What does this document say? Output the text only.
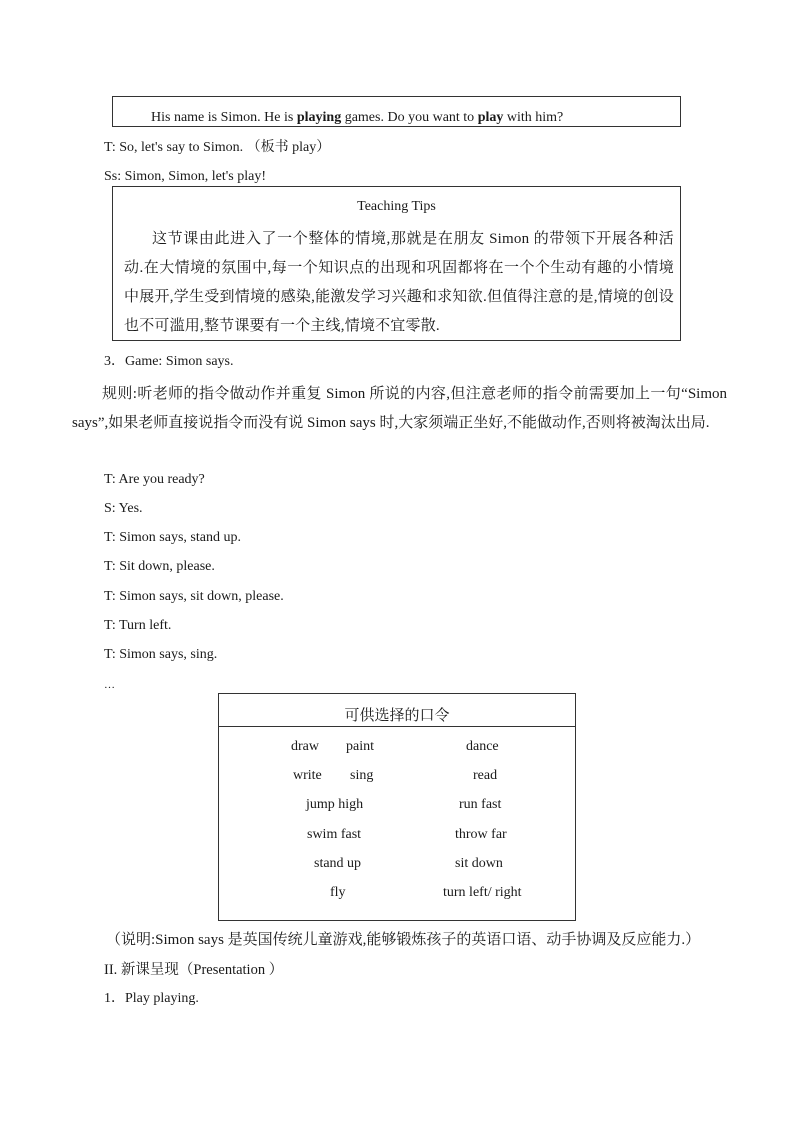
His name is Simon. He is playing games. Do you want to play with him?
T: So, let's say to Simon. （板书 play）
Ss: Simon, Simon, let's play!
Teaching Tips
这节课由此进入了一个整体的情境,那就是在朋友 Simon 的带领下开展各种活动.在大情境的氛围中,每一个知识点的出现和巩固都将在一个个生动有趣的小情境中展开,学生受到情境的感染,能激发学习兴趣和求知欲.但值得注意的是,情境的创设也不可滥用,整节课要有一个主线,情境不宜零散.
3．Game: Simon says.
规则:听老师的指令做动作并重复 Simon 所说的内容,但注意老师的指令前需要加上一句“Simon says”,如果老师直接说指令而没有说 Simon says 时,大家须端正坐好,不能做动作,否则将被淘汰出局.
T: Are you ready?
S: Yes.
T: Simon says, stand up.
T: Sit down, please.
T: Simon says, sit down, please.
T: Turn left.
T: Simon says, sing.
…
可供选择的口令
draw paint	dance
write sing	read
jump high	run fast
swim fast	throw far
stand up	sit down
fly	turn left/ right
（说明:Simon says 是英国传统儿童游戏,能够锻炼孩子的英语口语、动手协调及反应能力.）
II. 新课呈现（Presentation ）
1．Play playing.
